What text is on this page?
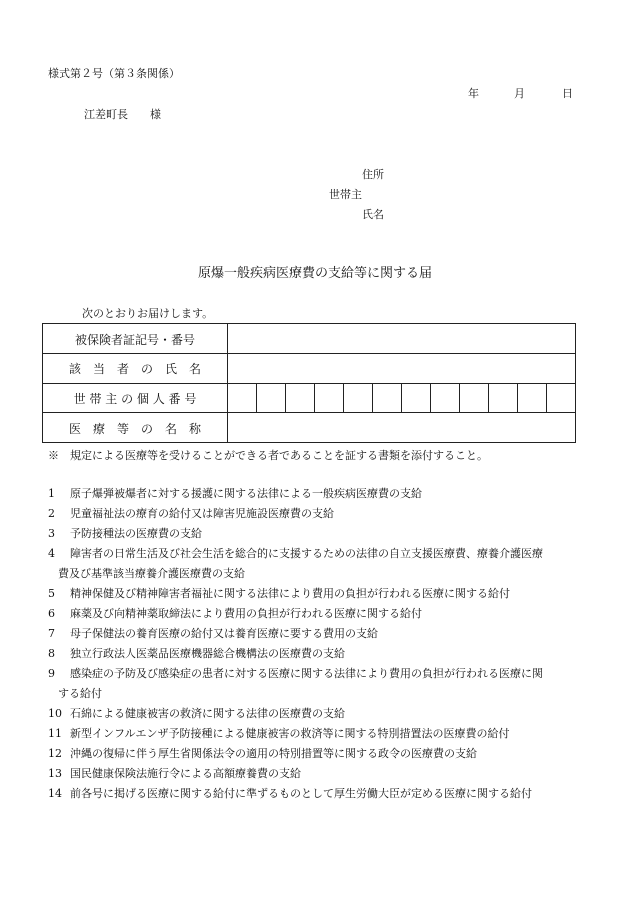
様式第２号（第３条関係）
年	月	日
江差町長　　様
住所
世帯主
氏名
原爆一般疾病医療費の支給等に関する届
次のとおりお届けします。
被保険者証記号・番号
該　当　者　の　氏　名
世 帯 主 の 個 人 番 号
医　療　等　の　名　称
※　規定による医療等を受けることができる者であることを証する書類を添付すること。
1 原子爆弾被爆者に対する援護に関する法律による一般疾病医療費の支給
2 児童福祉法の療育の給付又は障害児施設医療費の支給
3 予防接種法の医療費の支給
4 障害者の日常生活及び社会生活を総合的に支援するための法律の自立支援医療費、療養介護医療
費及び基準該当療養介護医療費の支給
5 精神保健及び精神障害者福祉に関する法律により費用の負担が行われる医療に関する給付
6 麻薬及び向精神薬取締法により費用の負担が行われる医療に関する給付
7 母子保健法の養育医療の給付又は養育医療に要する費用の支給
8 独立行政法人医薬品医療機器総合機構法の医療費の支給
9 感染症の予防及び感染症の患者に対する医療に関する法律により費用の負担が行われる医療に関
する給付
10 石綿による健康被害の救済に関する法律の医療費の支給
11 新型インフルエンザ予防接種による健康被害の救済等に関する特別措置法の医療費の給付
12 沖縄の復帰に伴う厚生省関係法令の適用の特別措置等に関する政令の医療費の支給
13 国民健康保険法施行令による高額療養費の支給
14 前各号に掲げる医療に関する給付に準ずるものとして厚生労働大臣が定める医療に関する給付
